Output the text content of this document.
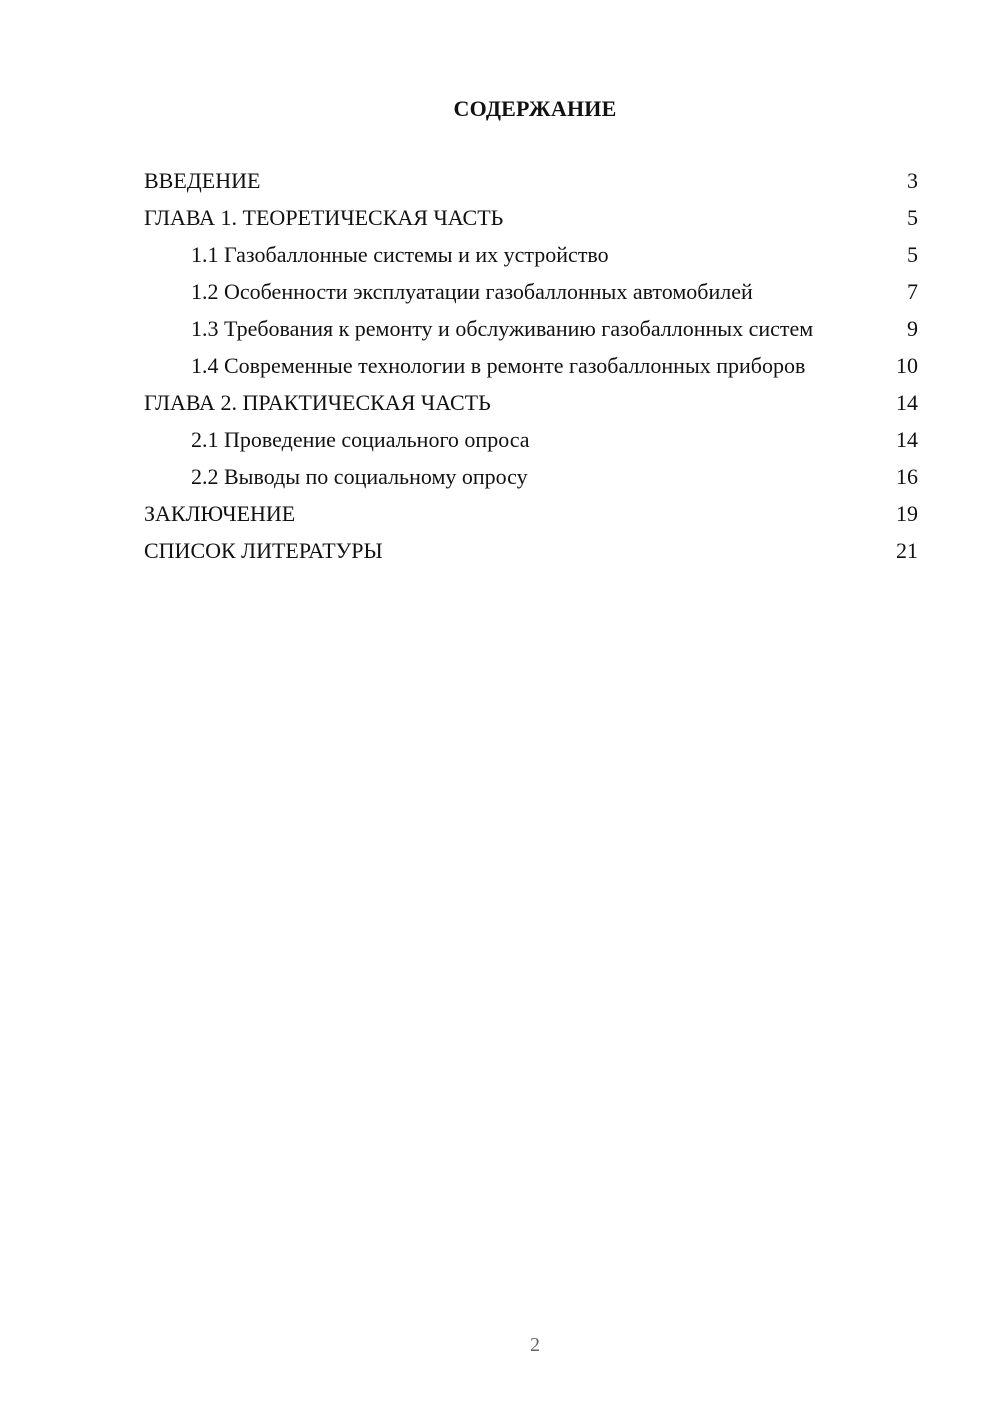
СОДЕРЖАНИЕ
ВВЕДЕНИЕ	3
ГЛАВА 1. ТЕОРЕТИЧЕСКАЯ ЧАСТЬ	5
1.1 Газобаллонные системы и их устройство	5
1.2 Особенности эксплуатации газобаллонных автомобилей	7
1.3 Требования к ремонту и обслуживанию газобаллонных систем	9
1.4 Современные технологии в ремонте газобаллонных приборов	10
ГЛАВА 2. ПРАКТИЧЕСКАЯ ЧАСТЬ	14
2.1 Проведение социального опроса	14
2.2 Выводы по социальному опросу	16
ЗАКЛЮЧЕНИЕ	19
СПИСОК ЛИТЕРАТУРЫ	21
2
